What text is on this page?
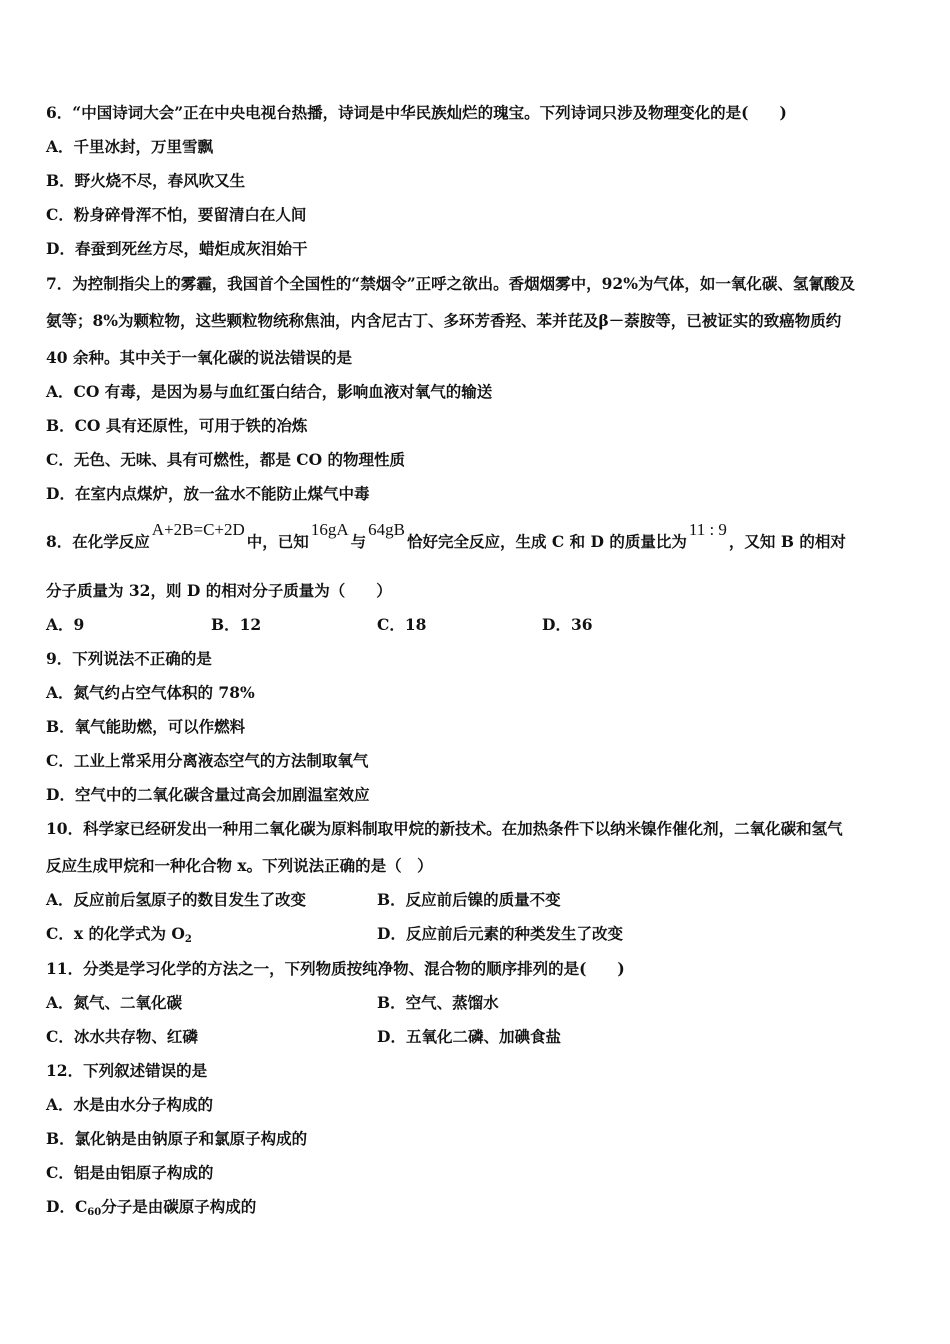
6．“中国诗词大会”正在中央电视台热播，诗词是中华民族灿烂的瑰宝。下列诗词只涉及物理变化的是(　　)
A．千里冰封，万里雪飘
B．野火烧不尽，春风吹又生
C．粉身碎骨浑不怕，要留清白在人间
D．春蚕到死丝方尽，蜡炬成灰泪始干
7．为控制指尖上的雾霾，我国首个全国性的“禁烟令”正呼之欲出。香烟烟雾中，92%为气体，如一氧化碳、氢氰酸及
氨等；8%为颗粒物，这些颗粒物统称焦油，内含尼古丁、多环芳香羟、苯并芘及β－萘胺等，已被证实的致癌物质约
40 余种。其中关于一氧化碳的说法错误的是
A．CO 有毒，是因为易与血红蛋白结合，影响血液对氧气的输送
B．CO 具有还原性，可用于铁的冶炼
C．无色、无味、具有可燃性，都是 CO 的物理性质
D．在室内点煤炉，放一盆水不能防止煤气中毒
8．在化学反应A+2B=C+2D中，已知16gA与64gB恰好完全反应，生成 C 和 D 的质量比为11 : 9，又知 B 的相对
分子质量为 32，则 D 的相对分子质量为（　　）
A．9	B．12	C．18	D．36
9．下列说法不正确的是
A．氮气约占空气体积的 78%
B．氧气能助燃，可以作燃料
C．工业上常采用分离液态空气的方法制取氧气
D．空气中的二氧化碳含量过高会加剧温室效应
10．科学家已经研发出一种用二氧化碳为原料制取甲烷的新技术。在加热条件下以纳米镍作催化剂，二氧化碳和氢气
反应生成甲烷和一种化合物 x。下列说法正确的是（　）
A．反应前后氢原子的数目发生了改变	B．反应前后镍的质量不变
C．x 的化学式为 $O_2$	D．反应前后元素的种类发生了改变
11．分类是学习化学的方法之一，下列物质按纯净物、混合物的顺序排列的是(　　)
A．氮气、二氧化碳	B．空气、蒸馏水
C．冰水共存物、红磷	D．五氧化二磷、加碘食盐
12．下列叙述错误的是
A．水是由水分子构成的
B．氯化钠是由钠原子和氯原子构成的
C．铝是由铝原子构成的
D．$C_{60}$分子是由碳原子构成的
